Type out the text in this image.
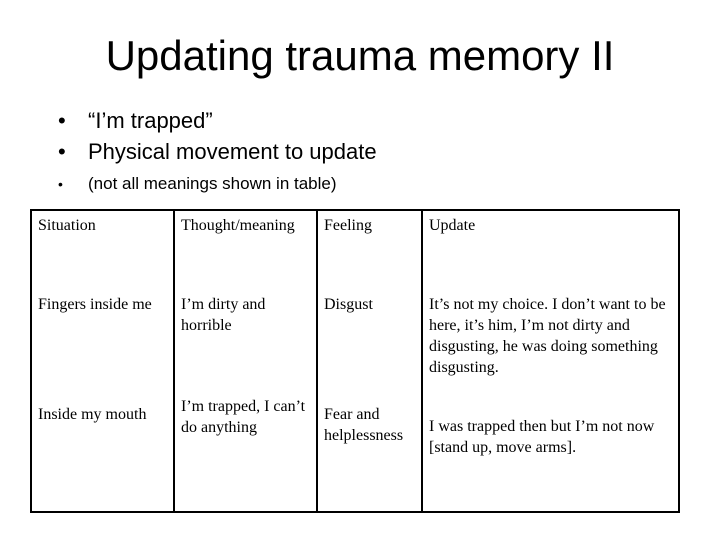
Updating trauma memory II
•	“I’m trapped”
•	Physical movement to update
•	(not all meanings shown in table)
Situation	Thought/meaning	Feeling	Update
Fingers inside me	I’m dirty and horrible	Disgust	It’s not my choice. I don’t want to be here, it’s him, I’m not dirty and disgusting, he was doing something disgusting.
Inside my mouth	I’m trapped, I can’t do anything	Fear and helplessness	I was trapped then but I’m not now [stand up, move arms].
